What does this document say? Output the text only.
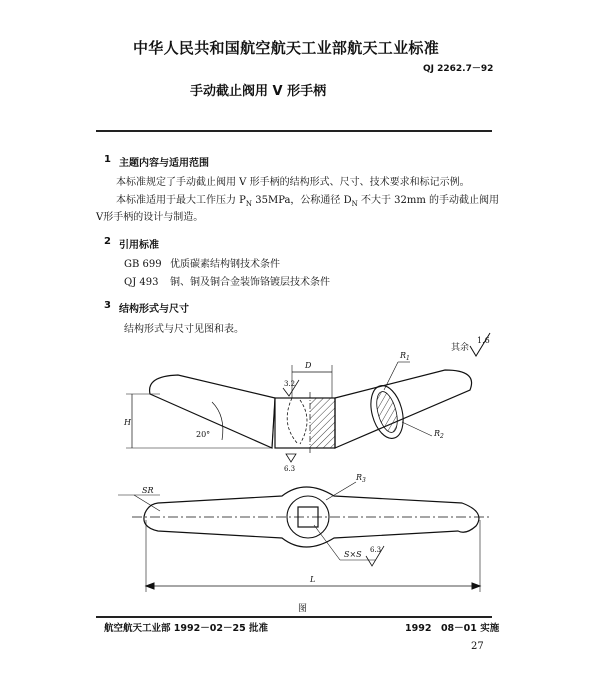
中华人民共和国航空航天工业部航天工业标准
QJ 2262.7－92
手动截止阀用 V 形手柄
1 主题内容与适用范围
本标准规定了手动截止阀用 V 形手柄的结构形式、尺寸、技术要求和标记示例。
本标准适用于最大工作压力 $P_N$ 35MPa，公称通径 $D_N$ 不大于 32mm 的手动截止阀用
V形手柄的设计与制造。
2 引用标准
GB 699 优质碳素结构钢技术条件
QJ 493 铜、铜及铜合金装饰铬镀层技术条件
3 结构形式与尺寸
结构形式与尺寸见图和表。
其余
1.6
D
3.2
H
20°
6.3
$R_1$
$R_2$
SR
$R_3$
S×S 6.3
L
图
航空航天工业部 1992－02－25 批准	1992　08－01 实施
27
